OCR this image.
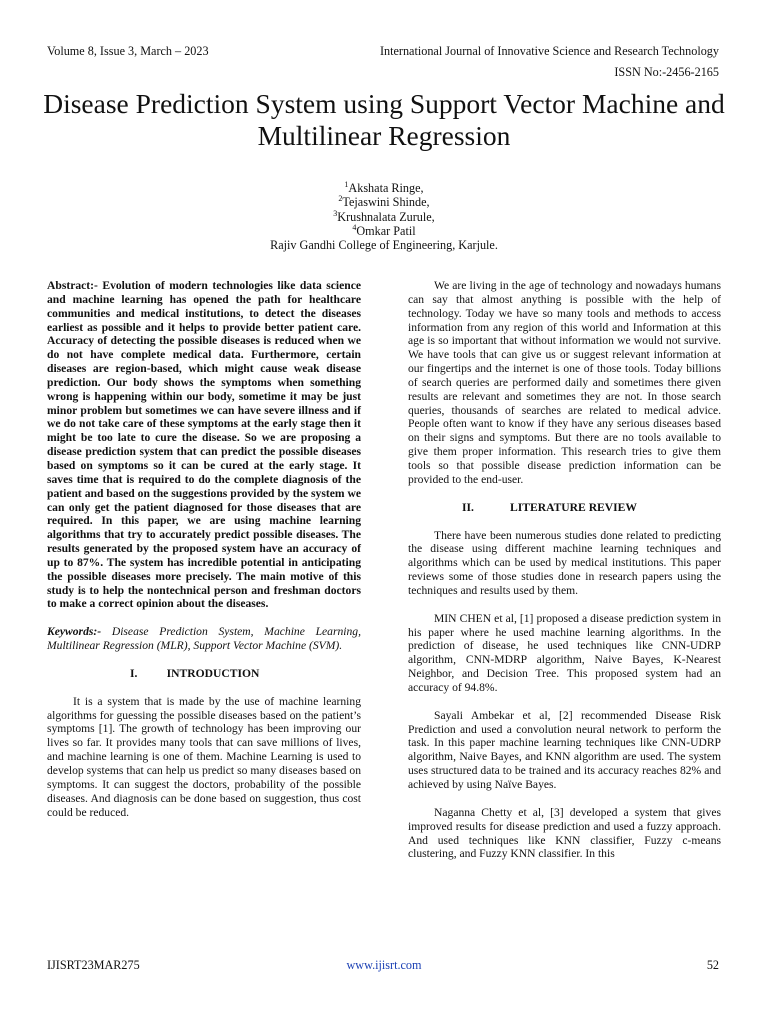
Volume 8, Issue 3, March – 2023	International Journal of Innovative Science and Research Technology
ISSN No:-2456-2165
Disease Prediction System using Support Vector Machine and Multilinear Regression
$^1$Akshata Ringe,
$^2$Tejaswini Shinde,
$^3$Krushnalata Zurule,
$^4$Omkar Patil
Rajiv Gandhi College of Engineering, Karjule.

Abstract:- Evolution of modern technologies like data science and machine learning has opened the path for healthcare communities and medical institutions, to detect the diseases earliest as possible and it helps to provide better patient care. Accuracy of detecting the possible diseases is reduced when we do not have complete medical data. Furthermore, certain diseases are region-based, which might cause weak disease prediction. Our body shows the symptoms when something wrong is happening within our body, sometime it may be just minor problem but sometimes we can have severe illness and if we do not take care of these symptoms at the early stage then it might be too late to cure the disease. So we are proposing a disease prediction system that can predict the possible diseases based on symptoms so it can be cured at the early stage. It saves time that is required to do the complete diagnosis of the patient and based on the suggestions provided by the system we can only get the patient diagnosed for those diseases that are required. In this paper, we are using machine learning algorithms that try to accurately predict possible diseases. The results generated by the proposed system have an accuracy of up to 87%. The system has incredible potential in anticipating the possible diseases more precisely. The main motive of this study is to help the nontechnical person and freshman doctors to make a correct opinion about the diseases.

Keywords:- Disease Prediction System, Machine Learning, Multilinear Regression (MLR), Support Vector Machine (SVM).

I.	INTRODUCTION

It is a system that is made by the use of machine learning algorithms for guessing the possible diseases based on the patient’s symptoms [1]. The growth of technology has been improving our lives so far. It provides many tools that can save millions of lives, and machine learning is one of them. Machine Learning is used to develop systems that can help us predict so many diseases based on symptoms. It can suggest the doctors, probability of the possible diseases. And diagnosis can be done based on suggestion, thus cost could be reduced.

We are living in the age of technology and nowadays humans can say that almost anything is possible with the help of technology. Today we have so many tools and methods to access information from any region of this world and Information at this age is so important that without information we would not survive. We have tools that can give us or suggest relevant information at our fingertips and the internet is one of those tools. Today billions of search queries are performed daily and sometimes there given results are relevant and sometimes they are not. In those search queries, thousands of searches are related to medical advice. People often want to know if they have any serious diseases based on their signs and symptoms. But there are no tools available to give them proper information. This research tries to give them tools so that possible disease prediction information can be provided to the end-user.

II.	LITERATURE REVIEW

There have been numerous studies done related to predicting the disease using different machine learning techniques and algorithms which can be used by medical institutions. This paper reviews some of those studies done in research papers using the techniques and results used by them.

MIN CHEN et al, [1] proposed a disease prediction system in his paper where he used machine learning algorithms. In the prediction of disease, he used techniques like CNN-UDRP algorithm, CNN-MDRP algorithm, Naive Bayes, K-Nearest Neighbor, and Decision Tree. This proposed system had an accuracy of 94.8%.

Sayali Ambekar et al, [2] recommended Disease Risk Prediction and used a convolution neural network to perform the task. In this paper machine learning techniques like CNN-UDRP algorithm, Naive Bayes, and KNN algorithm are used. The system uses structured data to be trained and its accuracy reaches 82% and achieved by using Naïve Bayes.

Naganna Chetty et al, [3] developed a system that gives improved results for disease prediction and used a fuzzy approach. And used techniques like KNN classifier, Fuzzy c-means clustering, and Fuzzy KNN classifier. In this

IJISRT23MAR275	www.ijisrt.com	52
